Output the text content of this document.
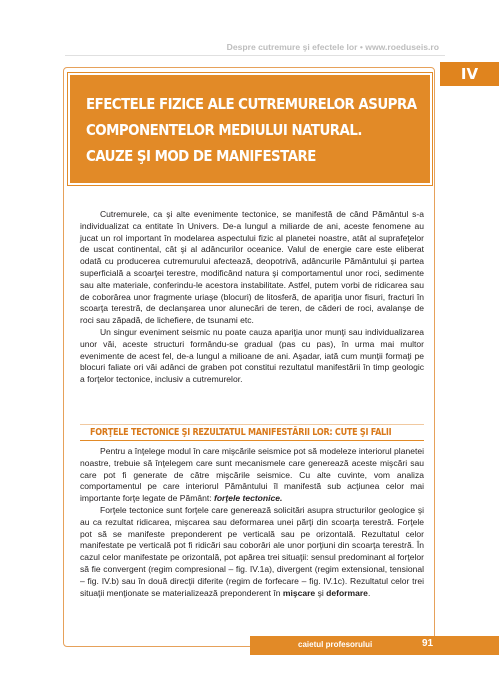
Despre cutremure şi efectele lor • www.roeduseis.ro
IV
EFECTELE FIZICE ALE CUTREMURELOR ASUPRA
COMPONENTELOR MEDIULUI NATURAL.
CAUZE ŞI MOD DE MANIFESTARE

Cutremurele, ca şi alte evenimente tectonice, se manifestă de când Pământul s-a individualizat ca entitate în Univers. De-a lungul a miliarde de ani, aceste fenomene au jucat un rol important în modelarea aspectului fizic al planetei noastre, atât al suprafeţelor de uscat continental, cât şi al adâncurilor oceanice. Valul de energie care este eliberat odată cu producerea cutremurului afectează, deopotrivă, adâncurile Pământului şi partea superficială a scoarţei terestre, modificând natura şi comportamentul unor roci, sedimente sau alte materiale, conferindu-le acestora instabilitate. Astfel, putem vorbi de ridicarea sau de coborârea unor fragmente uriaşe (blocuri) de litosferă, de apariţia unor fisuri, fracturi în scoarţa terestră, de declanşarea unor alunecări de teren, de căderi de roci, avalanşe de roci sau zăpadă, de lichefiere, de tsunami etc.

Un singur eveniment seismic nu poate cauza apariţia unor munţi sau individualizarea unor văi, aceste structuri formându-se gradual (pas cu pas), în urma mai multor evenimente de acest fel, de-a lungul a milioane de ani. Aşadar, iată cum munţii formaţi pe blocuri faliate ori văi adânci de graben pot constitui rezultatul manifestării în timp geologic a forţelor tectonice, inclusiv a cutremurelor.

FORŢELE TECTONICE ŞI REZULTATUL MANIFESTĂRII LOR: CUTE ŞI FALII

Pentru a înţelege modul în care mişcările seismice pot să modeleze interiorul planetei noastre, trebuie să înţelegem care sunt mecanismele care generează aceste mişcări sau care pot fi generate de către mişcările seismice. Cu alte cuvinte, vom analiza comportamentul pe care interiorul Pământului îl manifestă sub acţiunea celor mai importante forţe legate de Pământ: forţele tectonice.

Forţele tectonice sunt forţele care generează solicitări asupra structurilor geologice şi au ca rezultat ridicarea, mişcarea sau deformarea unei părţi din scoarţa terestră. Forţele pot să se manifeste preponderent pe verticală sau pe orizontală. Rezultatul celor manifestate pe verticală pot fi ridicări sau coborâri ale unor porţiuni din scoarţa terestră. În cazul celor manifestate pe orizontală, pot apărea trei situaţii: sensul predominant al forţelor să fie convergent (regim compresional – fig. IV.1a), divergent (regim extensional, tensional – fig. IV.b) sau în două direcţii diferite (regim de forfecare – fig. IV.1c). Rezultatul celor trei situaţii menţionate se materializează preponderent în mişcare şi deformare.

caietul profesorului	91
